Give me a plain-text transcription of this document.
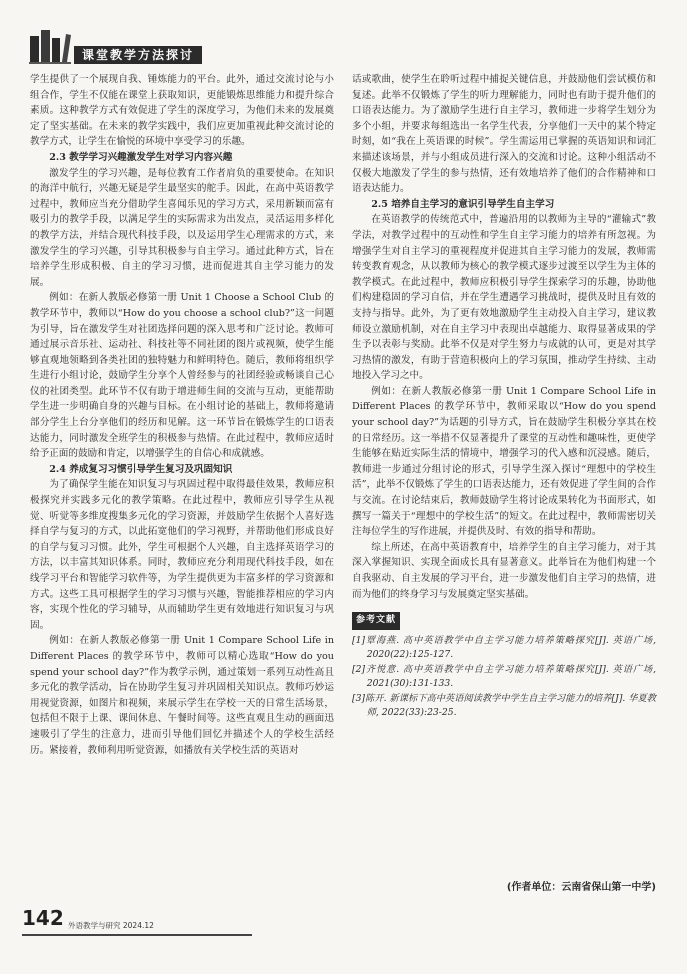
课堂教学方法探讨

学生提供了一个展现自我、锤炼能力的平台。此外，通过交流讨论与小组合作，学生不仅能在课堂上获取知识，更能锻炼思维能力和提升综合素质。这种教学方式有效促进了学生的深度学习，为他们未来的发展奠定了坚实基础。在未来的教学实践中，我们应更加重视此种交流讨论的教学方式，让学生在愉悦的环境中享受学习的乐趣。

2.3 教学学习兴趣激发学生对学习内容兴趣

激发学生的学习兴趣，是每位教育工作者肩负的重要使命。在知识的海洋中航行，兴趣无疑是学生最坚实的舵手。因此，在高中英语教学过程中，教师应当充分借助学生喜闻乐见的学习方式，采用新颖而富有吸引力的教学手段，以满足学生的实际需求为出发点，灵活运用多样化的教学方法，并结合现代科技手段，以及运用学生心理需求的方式，来激发学生的学习兴趣，引导其积极参与自主学习。通过此种方式，旨在培养学生形成积极、自主的学习习惯，进而促进其自主学习能力的发展。

例如：在新人教版必修第一册 Unit 1 Choose a School Club 的教学环节中，教师以“How do you choose a school club?”这一问题为引导，旨在激发学生对社团选择问题的深入思考和广泛讨论。教师可通过展示音乐社、运动社、科技社等不同社团的图片或视频，使学生能够直观地领略到各类社团的独特魅力和鲜明特色。随后，教师将组织学生进行小组讨论，鼓励学生分享个人曾经参与的社团经验或畅谈自己心仪的社团类型。此环节不仅有助于增进师生间的交流与互动，更能帮助学生进一步明确自身的兴趣与目标。在小组讨论的基础上，教师将邀请部分学生上台分享他们的经历和见解。这一环节旨在锻炼学生的口语表达能力，同时激发全班学生的积极参与热情。在此过程中，教师应适时给予正面的鼓励和肯定，以增强学生的自信心和成就感。

2.4 养成复习习惯引导学生复习及巩固知识

为了确保学生能在知识复习与巩固过程中取得最佳效果，教师应积极探究并实践多元化的教学策略。在此过程中，教师应引导学生从视觉、听觉等多维度搜集多元化的学习资源，并鼓励学生依据个人喜好选择自学与复习的方式，以此拓宽他们的学习视野，并帮助他们形成良好的自学与复习习惯。此外，学生可根据个人兴趣，自主选择英语学习的方法，以丰富其知识体系。同时，教师应充分利用现代科技手段，如在线学习平台和智能学习软件等，为学生提供更为丰富多样的学习资源和方式。这些工具可根据学生的学习习惯与兴趣，智能推荐相应的学习内容，实现个性化的学习辅导，从而辅助学生更有效地进行知识复习与巩固。

例如：在新人教版必修第一册 Unit 1 Compare School Life in Different Places 的教学环节中，教师可以精心选取“How do you spend your school day?”作为教学示例，通过策划一系列互动性高且多元化的教学活动，旨在协助学生复习并巩固相关知识点。教师巧妙运用视觉资源，如图片和视频，来展示学生在学校一天的日常生活场景，包括但不限于上课、课间休息、午餐时间等。这些直观且生动的画面迅速吸引了学生的注意力，进而引导他们回忆并描述个人的学校生活经历。紧接着，教师利用听觉资源，如播放有关学校生活的英语对

话或歌曲，使学生在聆听过程中捕捉关键信息，并鼓励他们尝试模仿和复述。此举不仅锻炼了学生的听力理解能力，同时也有助于提升他们的口语表达能力。为了激励学生进行自主学习，教师进一步将学生划分为多个小组，并要求每组选出一名学生代表，分享他们一天中的某个特定时刻，如“我在上英语课的时候”。学生需运用已掌握的英语知识和词汇来描述该场景，并与小组成员进行深入的交流和讨论。这种小组活动不仅极大地激发了学生的参与热情，还有效地培养了他们的合作精神和口语表达能力。

2.5 培养自主学习的意识引导学生自主学习

在英语教学的传统范式中，普遍沿用的以教师为主导的“灌输式”教学法，对教学过程中的互动性和学生自主学习能力的培养有所忽视。为增强学生对自主学习的重视程度并促进其自主学习能力的发展，教师需转变教育观念，从以教师为核心的教学模式逐步过渡至以学生为主体的教学模式。在此过程中，教师应积极引导学生探索学习的乐趣，协助他们构建稳固的学习自信，并在学生遭遇学习挑战时，提供及时且有效的支持与指导。此外，为了更有效地激励学生主动投入自主学习，建议教师设立激励机制，对在自主学习中表现出卓越能力、取得显著成果的学生予以表彰与奖励。此举不仅是对学生努力与成就的认可，更是对其学习热情的激发，有助于营造积极向上的学习氛围，推动学生持续、主动地投入学习之中。

例如：在新人教版必修第一册 Unit 1 Compare School Life in Different Places 的教学环节中，教师采取以“How do you spend your school day?”为话题的引导方式，旨在鼓励学生积极分享其在校的日常经历。这一举措不仅显著提升了课堂的互动性和趣味性，更使学生能够在贴近实际生活的情境中，增强学习的代入感和沉浸感。随后，教师进一步通过分组讨论的形式，引导学生深入探讨“理想中的学校生活”，此举不仅锻炼了学生的口语表达能力，还有效促进了学生间的合作与交流。在讨论结束后，教师鼓励学生将讨论成果转化为书面形式，如撰写一篇关于“理想中的学校生活”的短文。在此过程中，教师需密切关注每位学生的写作进展，并提供及时、有效的指导和帮助。

综上所述，在高中英语教育中，培养学生的自主学习能力，对于其深入掌握知识、实现全面成长具有显著意义。此举旨在为他们构建一个自我驱动、自主发展的学习平台，进一步激发他们自主学习的热情，进而为他们的终身学习与发展奠定坚实基础。

参考文献
[1]覃海燕. 高中英语教学中自主学习能力培养策略探究[J]. 英语广场, 2020(22):125-127.
[2]齐悦意. 高中英语教学中自主学习能力培养策略探究[J]. 英语广场, 2021(30):131-133.
[3]陈开. 新课标下高中英语阅读教学中学生自主学习能力的培养[J]. 华夏教师, 2022(33):23-25.
(作者单位：云南省保山第一中学)
142 外语教学与研究 2024.12
